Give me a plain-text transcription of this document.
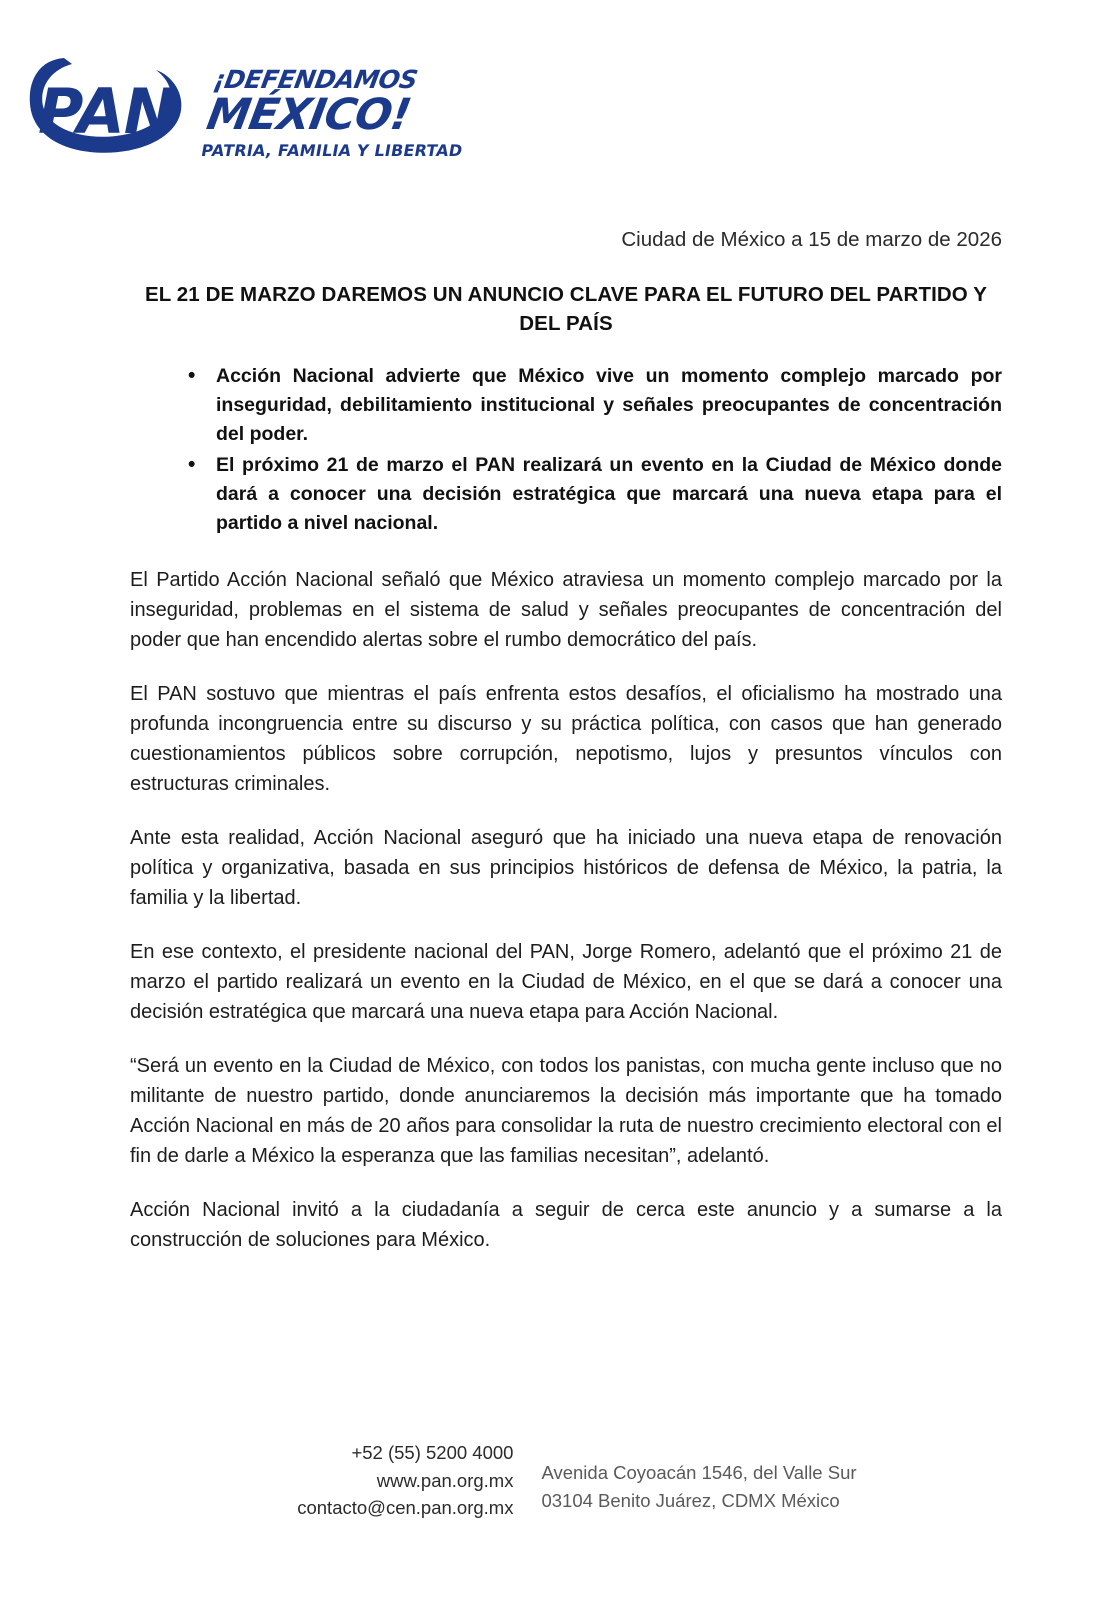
PAN ¡DEFENDAMOS
MÉXICO!
PATRIA, FAMILIA Y LIBERTAD
Ciudad de México a 15 de marzo de 2026
EL 21 DE MARZO DAREMOS UN ANUNCIO CLAVE PARA EL FUTURO DEL PARTIDO Y DEL PAÍS
• Acción Nacional advierte que México vive un momento complejo marcado por inseguridad, debilitamiento institucional y señales preocupantes de concentración del poder.
• El próximo 21 de marzo el PAN realizará un evento en la Ciudad de México donde dará a conocer una decisión estratégica que marcará una nueva etapa para el partido a nivel nacional.

El Partido Acción Nacional señaló que México atraviesa un momento complejo marcado por la inseguridad, problemas en el sistema de salud y señales preocupantes de concentración del poder que han encendido alertas sobre el rumbo democrático del país.

El PAN sostuvo que mientras el país enfrenta estos desafíos, el oficialismo ha mostrado una profunda incongruencia entre su discurso y su práctica política, con casos que han generado cuestionamientos públicos sobre corrupción, nepotismo, lujos y presuntos vínculos con estructuras criminales.

Ante esta realidad, Acción Nacional aseguró que ha iniciado una nueva etapa de renovación política y organizativa, basada en sus principios históricos de defensa de México, la patria, la familia y la libertad.

En ese contexto, el presidente nacional del PAN, Jorge Romero, adelantó que el próximo 21 de marzo el partido realizará un evento en la Ciudad de México, en el que se dará a conocer una decisión estratégica que marcará una nueva etapa para Acción Nacional.

“Será un evento en la Ciudad de México, con todos los panistas, con mucha gente incluso que no militante de nuestro partido, donde anunciaremos la decisión más importante que ha tomado Acción Nacional en más de 20 años para consolidar la ruta de nuestro crecimiento electoral con el fin de darle a México la esperanza que las familias necesitan”, adelantó.

Acción Nacional invitó a la ciudadanía a seguir de cerca este anuncio y a sumarse a la construcción de soluciones para México.

+52 (55) 5200 4000
www.pan.org.mx
contacto@cen.pan.org.mx
Avenida Coyoacán 1546, del Valle Sur
03104 Benito Juárez, CDMX México
